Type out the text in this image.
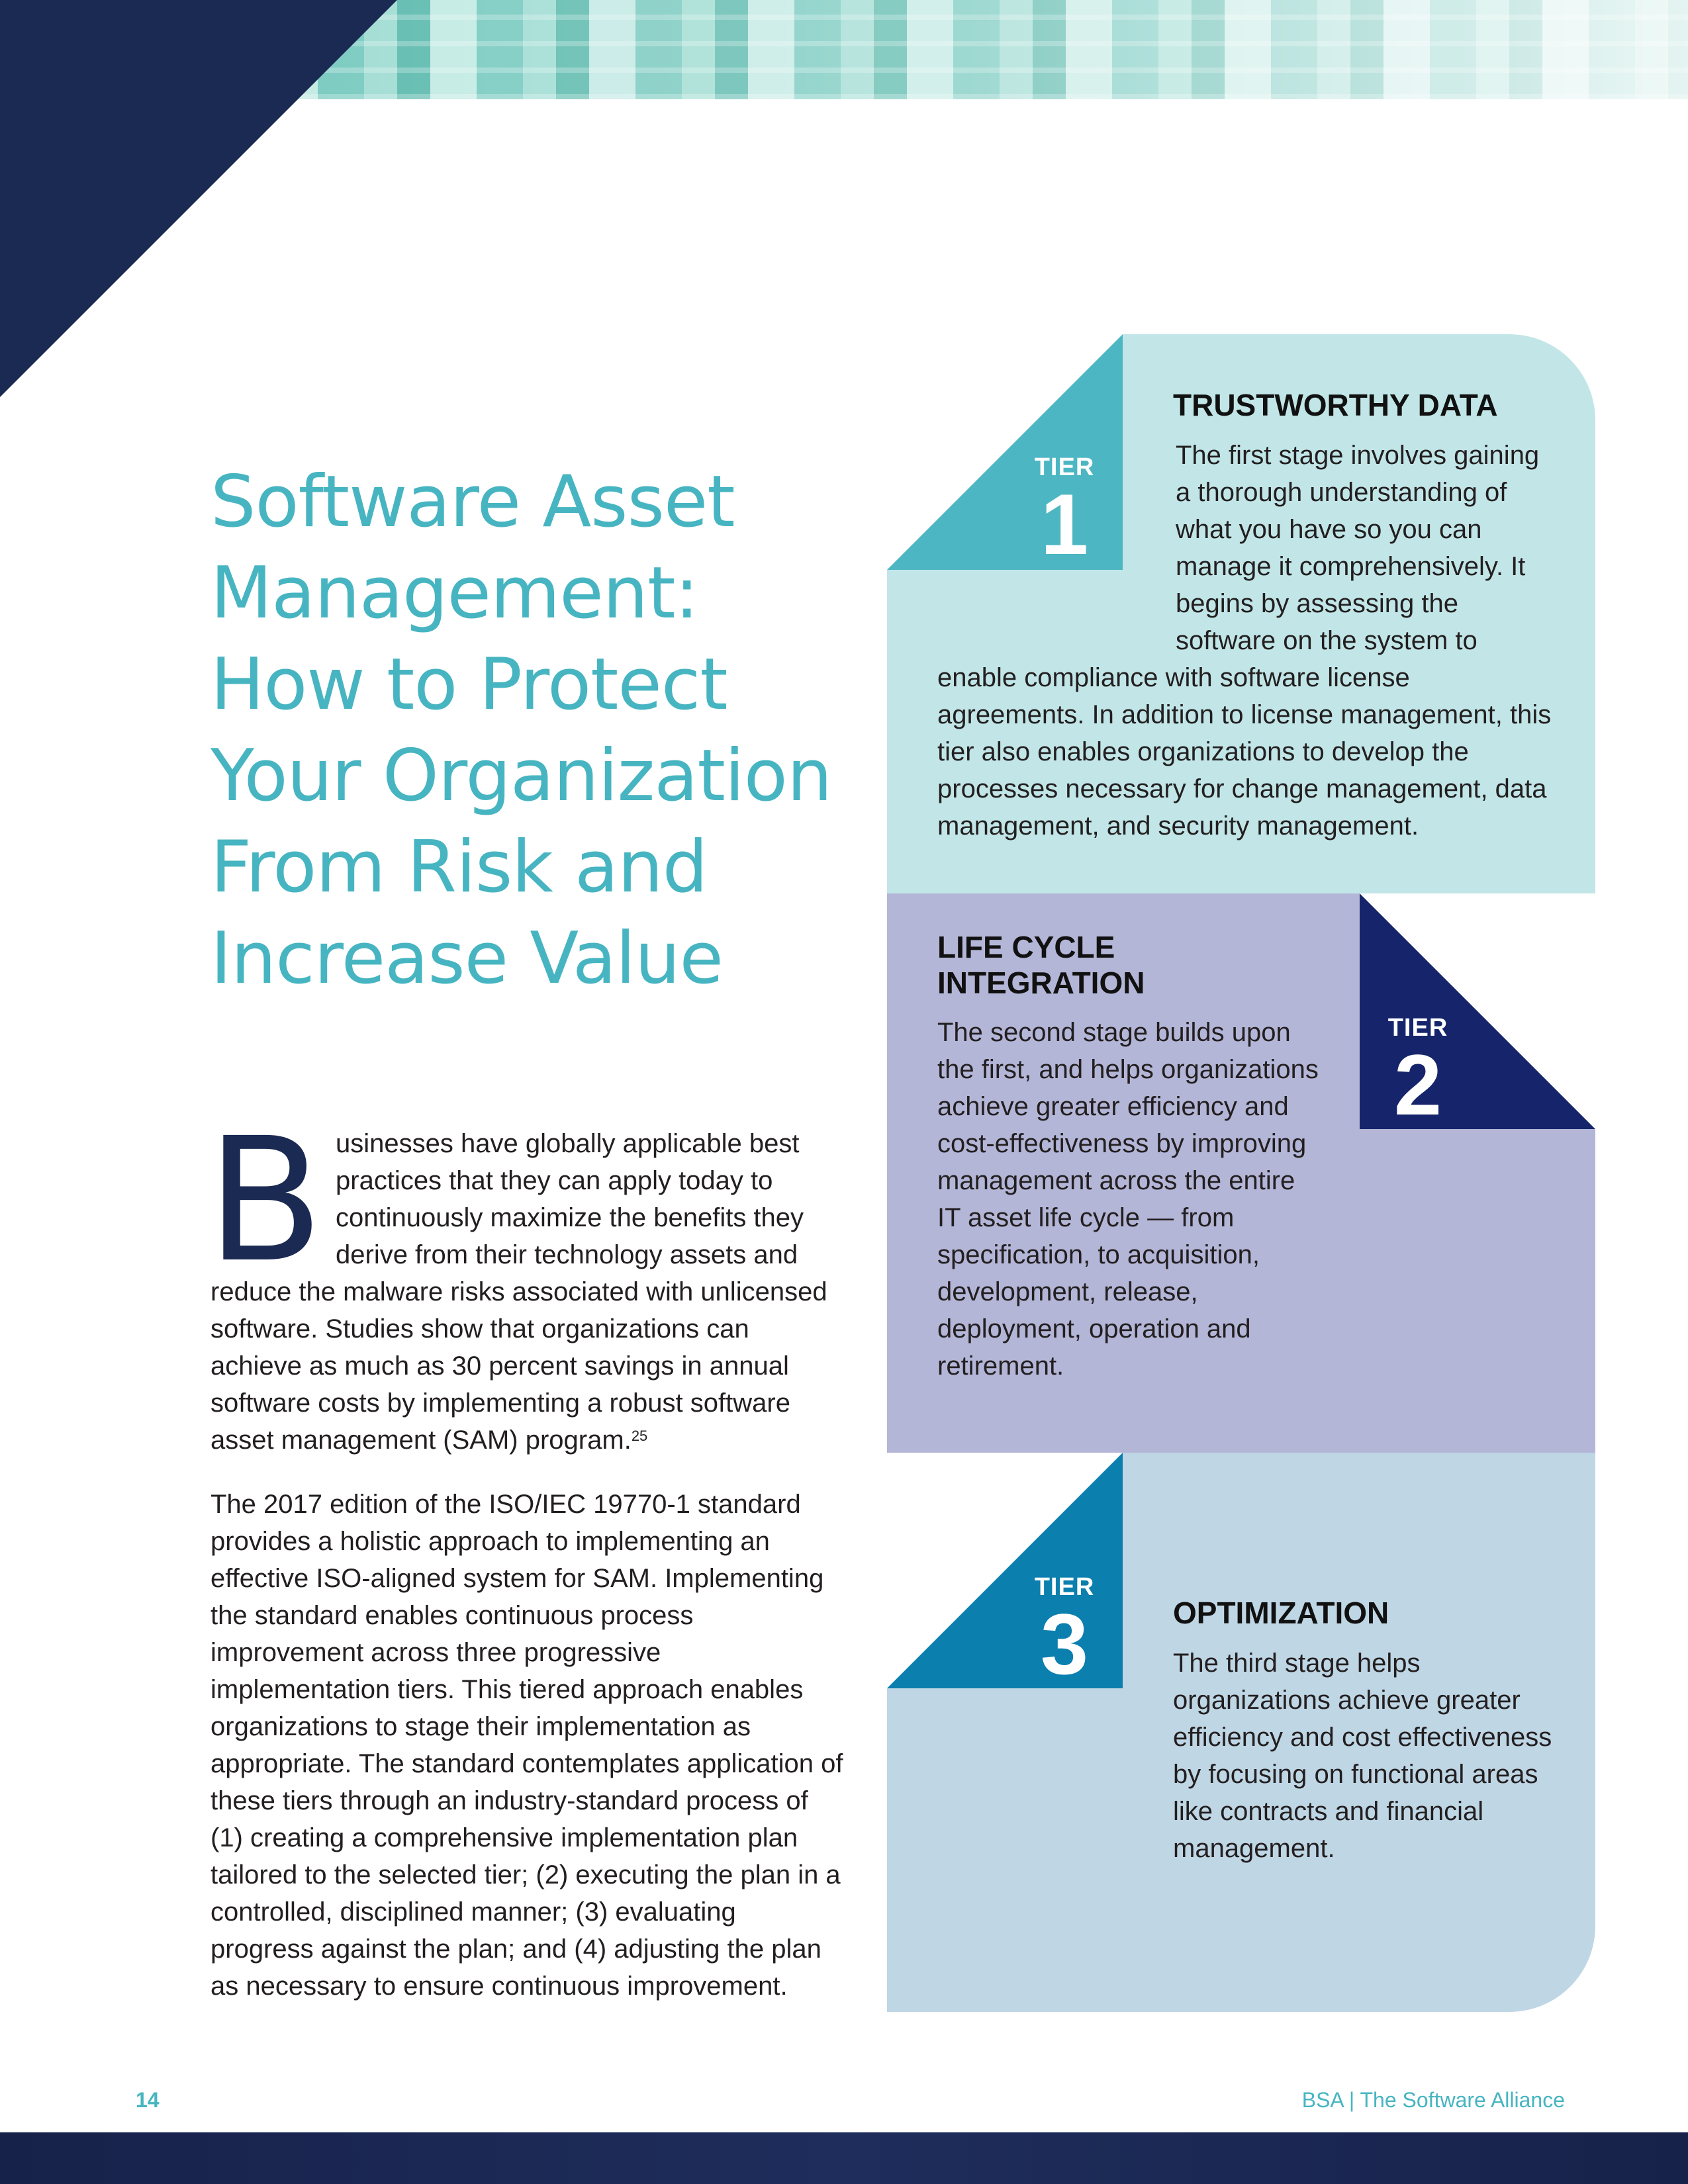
Software Asset
Management:
How to Protect
Your Organization
From Risk and
Increase Value

Businesses have globally applicable best practices that they can apply today to continuously maximize the benefits they derive from their technology assets and reduce the malware risks associated with unlicensed software. Studies show that organizations can achieve as much as 30 percent savings in annual software costs by implementing a robust software asset management (SAM) program.$^{25}$

The 2017 edition of the ISO/IEC 19770-1 standard provides a holistic approach to implementing an effective ISO-aligned system for SAM. Implementing the standard enables continuous process improvement across three progressive implementation tiers. This tiered approach enables organizations to stage their implementation as appropriate. The standard contemplates application of these tiers through an industry-standard process of (1) creating a comprehensive implementation plan tailored to the selected tier; (2) executing the plan in a controlled, disciplined manner; (3) evaluating progress against the plan; and (4) adjusting the plan as necessary to ensure continuous improvement.

TIER
1
TRUSTWORTHY DATA

The first stage involves gaining a thorough understanding of what you have so you can manage it comprehensively. It begins by assessing the software on the system to enable compliance with software license agreements. In addition to license management, this tier also enables organizations to develop the processes necessary for change management, data management, and security management.

TIER
2
LIFE CYCLE INTEGRATION

The second stage builds upon the first, and helps organizations achieve greater efficiency and cost-effectiveness by improving management across the entire IT asset life cycle — from specification, to acquisition, development, release, deployment, operation and retirement.

TIER
3	OPTIMIZATION

The third stage helps organizations achieve greater efficiency and cost effectiveness by focusing on functional areas like contracts and financial management.

14	BSA | The Software Alliance
